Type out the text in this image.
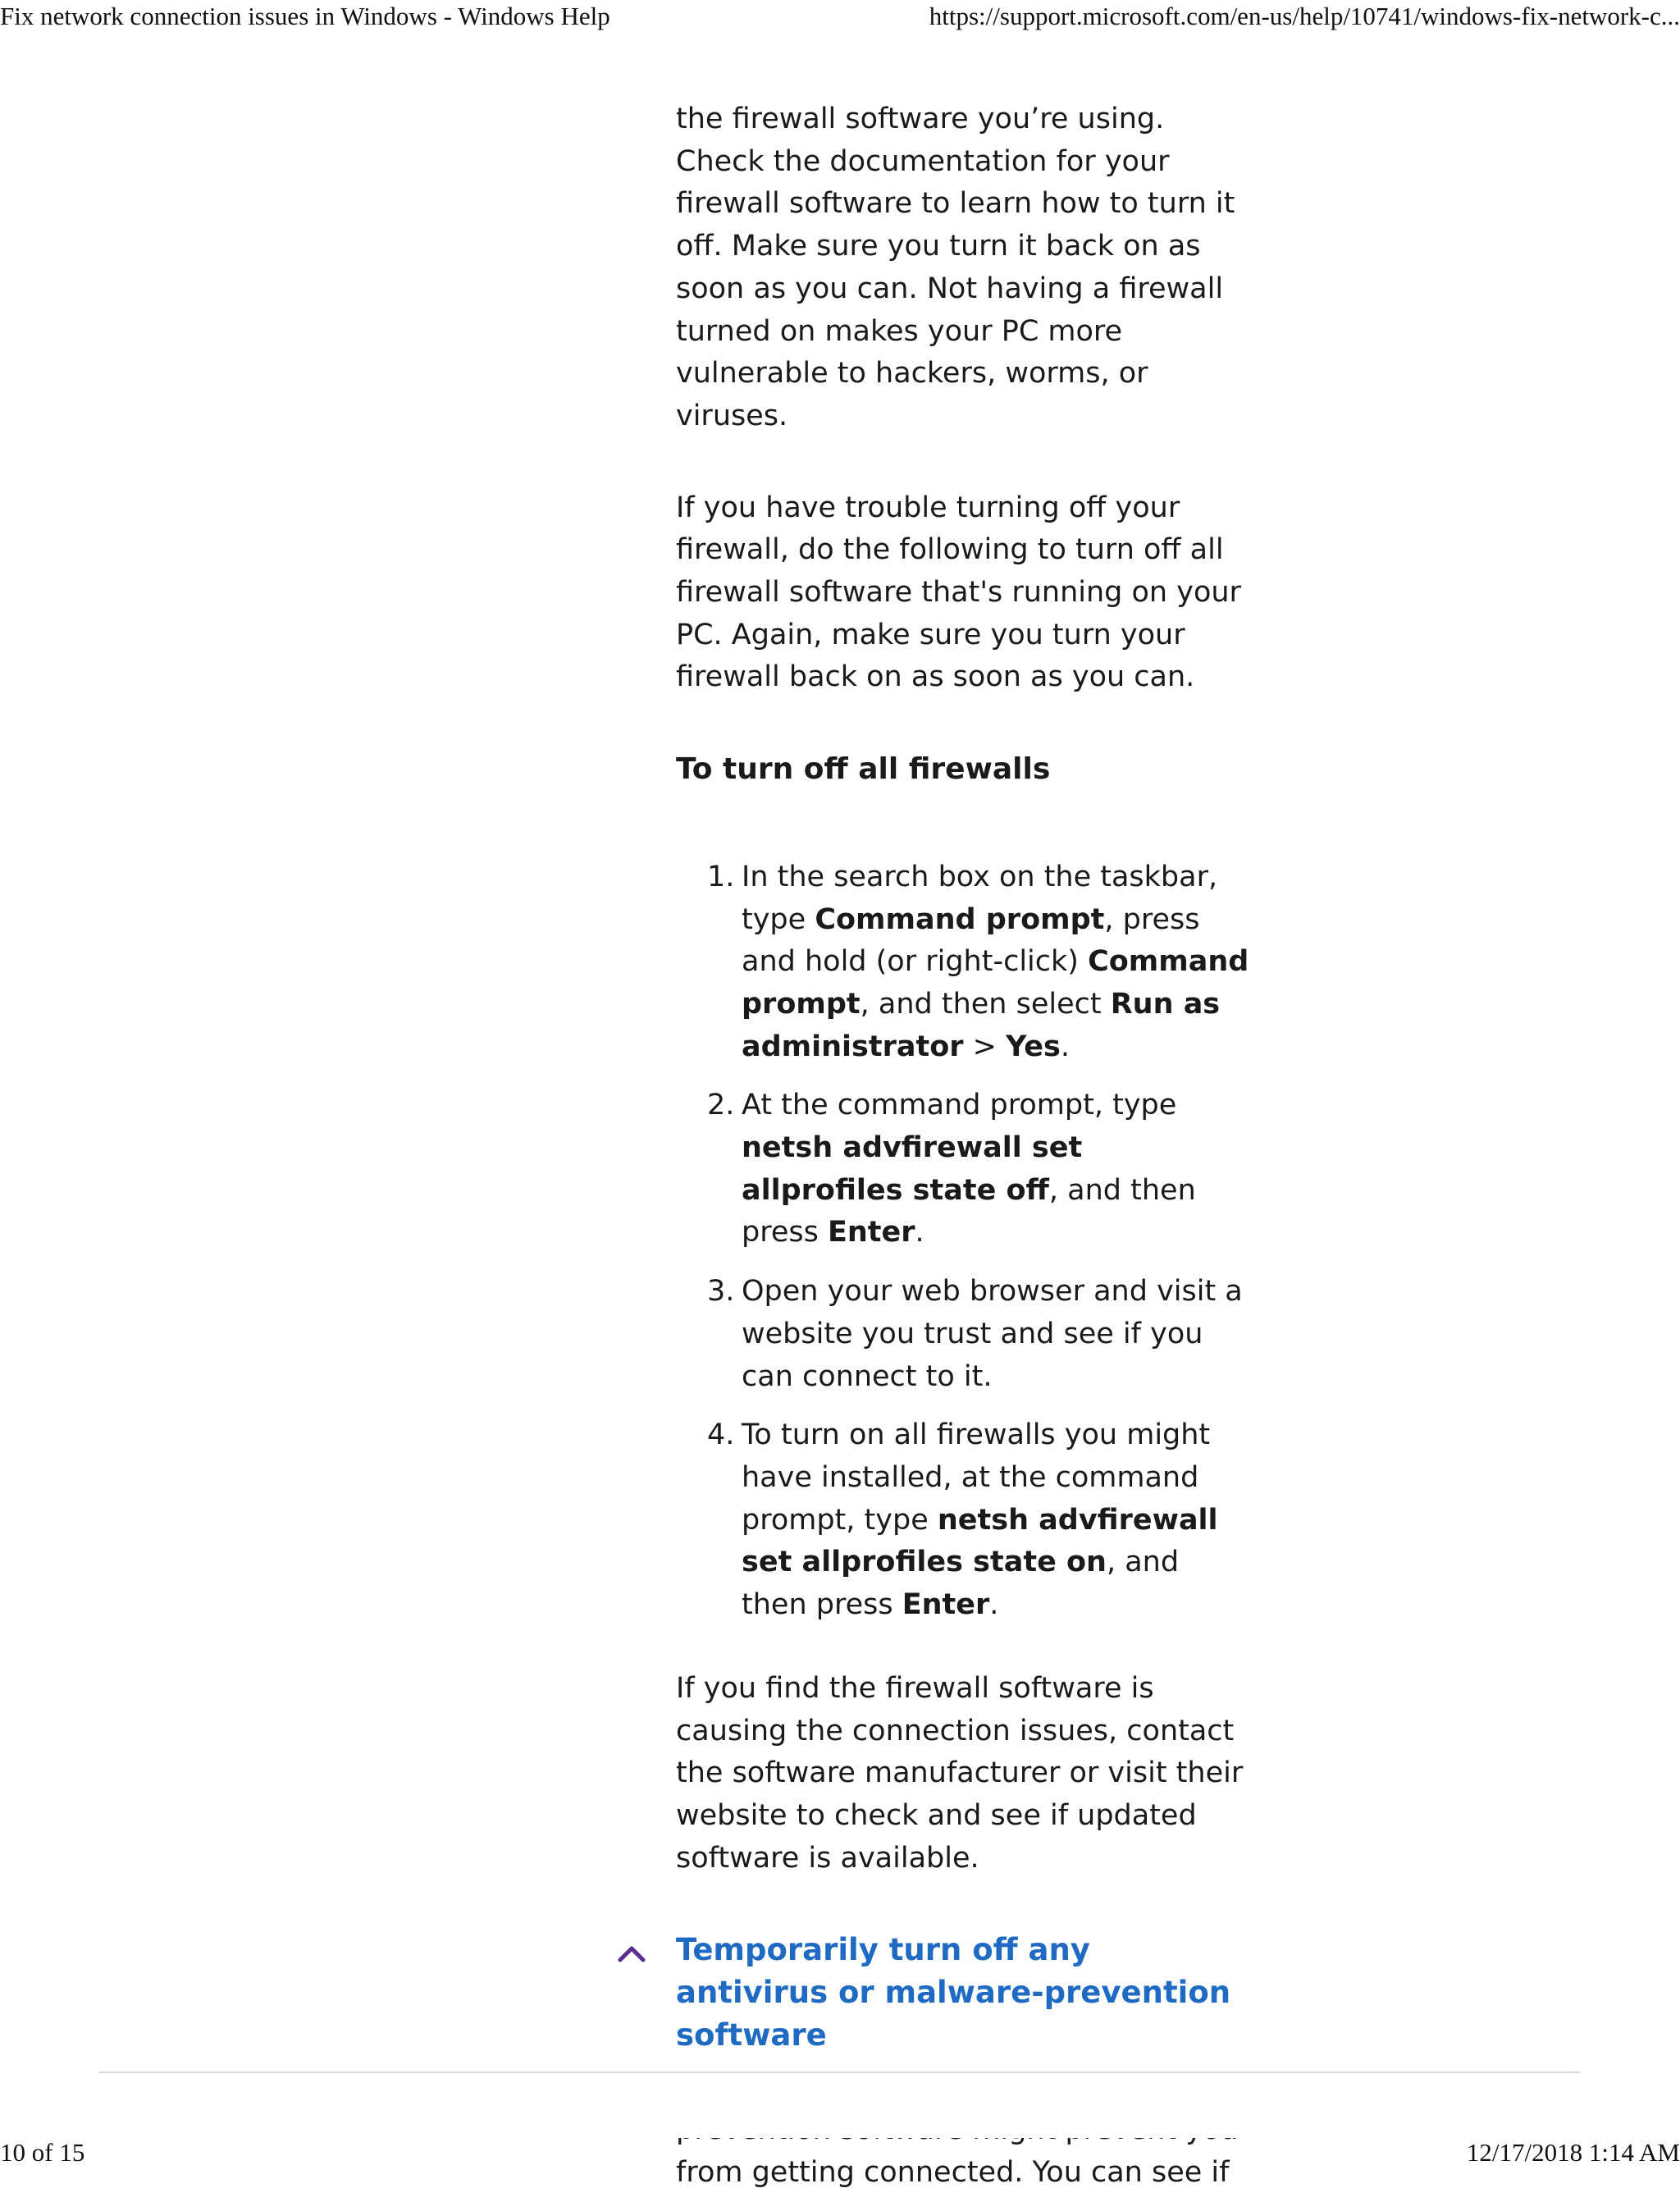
Fix network connection issues in Windows - Windows Help	https://support.microsoft.com/en-us/help/10741/windows-fix-network-c...

the firewall software you’re using. Check the documentation for your firewall software to learn how to turn it off. Make sure you turn it back on as soon as you can. Not having a firewall turned on makes your PC more vulnerable to hackers, worms, or viruses.

If you have trouble turning off your firewall, do the following to turn off all firewall software that's running on your PC. Again, make sure you turn your firewall back on as soon as you can.

To turn off all firewalls

1. In the search box on the taskbar, type Command prompt, press and hold (or right-click) Command prompt, and then select Run as administrator > Yes.
2. At the command prompt, type netsh advfirewall set allprofiles state off, and then press Enter.
3. Open your web browser and visit a website you trust and see if you can connect to it.
4. To turn on all firewalls you might have installed, at the command prompt, type netsh advfirewall set allprofiles state on, and then press Enter.

If you find the firewall software is causing the connection issues, contact the software manufacturer or visit their website to check and see if updated software is available.

Temporarily turn off any antivirus or malware-prevention software
from getting connected. You can see if
10 of 15	12/17/2018 1:14 AM
